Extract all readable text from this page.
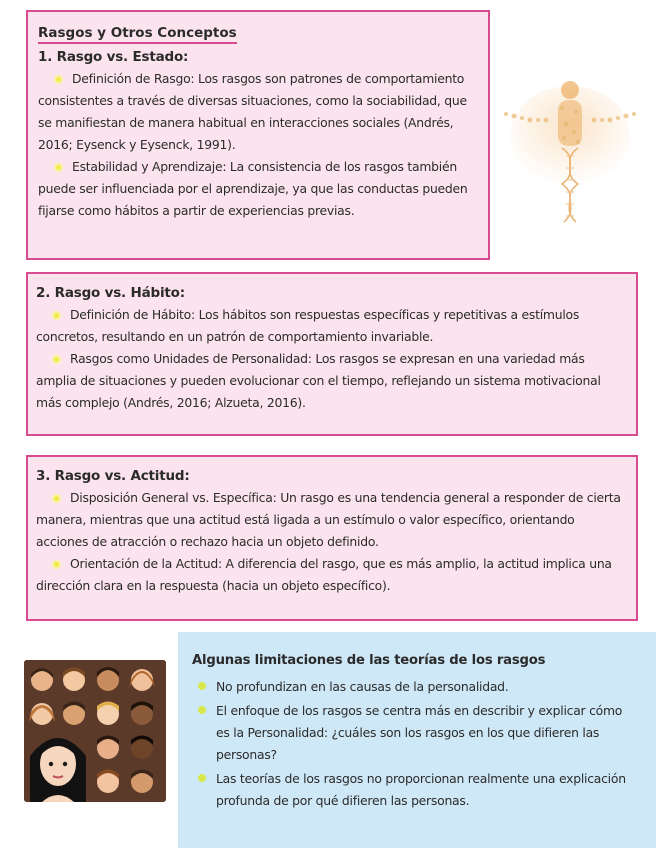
Rasgos y Otros Conceptos
1. Rasgo vs. Estado:

Definición de Rasgo: Los rasgos son patrones de comportamiento consistentes a través de diversas situaciones, como la sociabilidad, que se manifiestan de manera habitual en interacciones sociales (Andrés, 2016; Eysenck y Eysenck, 1991).

Estabilidad y Aprendizaje: La consistencia de los rasgos también puede ser influenciada por el aprendizaje, ya que las conductas pueden fijarse como hábitos a partir de experiencias previas.

2. Rasgo vs. Hábito:

Definición de Hábito: Los hábitos son respuestas específicas y repetitivas a estímulos concretos, resultando en un patrón de comportamiento invariable.

Rasgos como Unidades de Personalidad: Los rasgos se expresan en una variedad más amplia de situaciones y pueden evolucionar con el tiempo, reflejando un sistema motivacional más complejo (Andrés, 2016; Alzueta, 2016).

3. Rasgo vs. Actitud:

Disposición General vs. Específica: Un rasgo es una tendencia general a responder de cierta manera, mientras que una actitud está ligada a un estímulo o valor específico, orientando acciones de atracción o rechazo hacia un objeto definido.

Orientación de la Actitud: A diferencia del rasgo, que es más amplio, la actitud implica una dirección clara en la respuesta (hacia un objeto específico).

Algunas limitaciones de las teorías de los rasgos
No profundizan en las causas de la personalidad.
El enfoque de los rasgos se centra más en describir y explicar cómo es la Personalidad: ¿cuáles son los rasgos en los que difieren las personas?
Las teorías de los rasgos no proporcionan realmente una explicación profunda de por qué difieren las personas.
